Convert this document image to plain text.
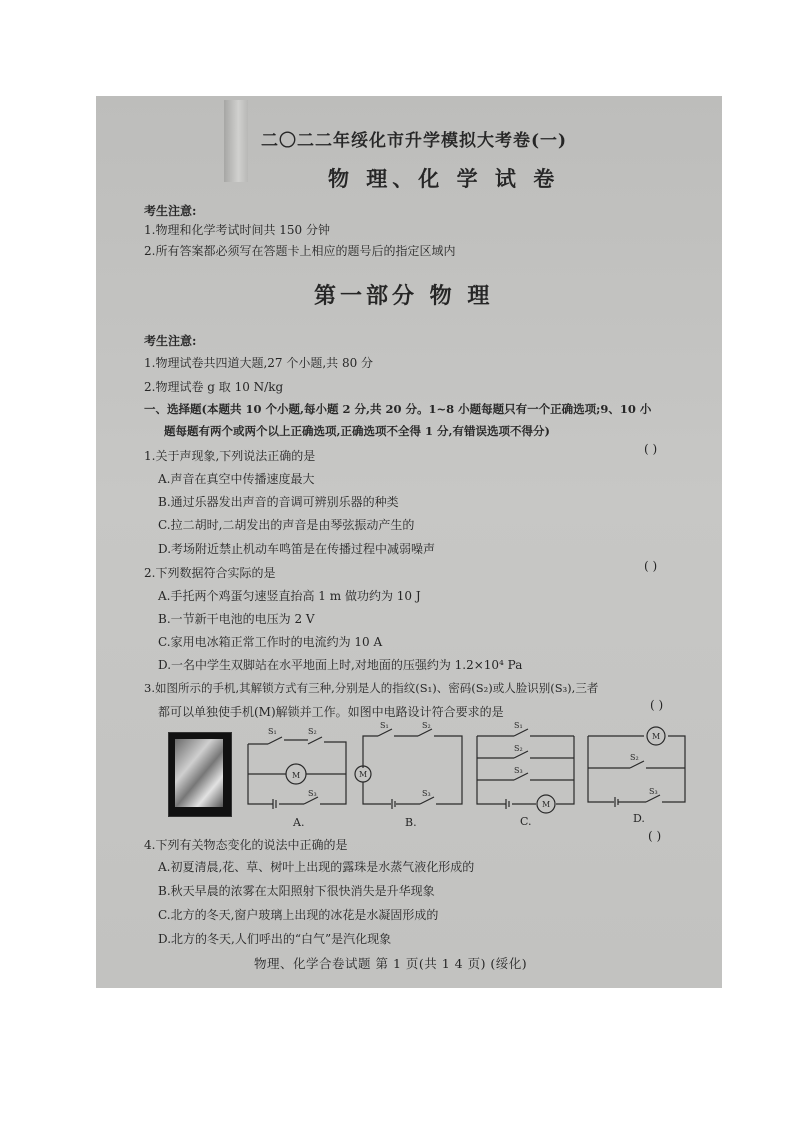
二〇二二年绥化市升学模拟大考卷(一)
物 理、化 学 试 卷
考生注意:
1.物理和化学考试时间共 150 分钟
2.所有答案都必须写在答题卡上相应的题号后的指定区域内
第一部分 物 理
考生注意:
1.物理试卷共四道大题,27 个小题,共 80 分
2.物理试卷 g 取 10 N/kg
一、选择题(本题共 10 个小题,每小题 2 分,共 20 分。1~8 小题每题只有一个正确选项;9、10 小
题每题有两个或两个以上正确选项,正确选项不全得 1 分,有错误选项不得分)
1.关于声现象,下列说法正确的是	( )
A.声音在真空中传播速度最大
B.通过乐器发出声音的音调可辨别乐器的种类
C.拉二胡时,二胡发出的声音是由琴弦振动产生的
D.考场附近禁止机动车鸣笛是在传播过程中减弱噪声
2.下列数据符合实际的是	( )
A.手托两个鸡蛋匀速竖直抬高 1 m 做功约为 10 J
B.一节新干电池的电压为 2 V
C.家用电冰箱正常工作时的电流约为 10 A
D.一名中学生双脚站在水平地面上时,对地面的压强约为 1.2×10⁴ Pa
3.如图所示的手机,其解锁方式有三种,分别是人的指纹(S₁)、密码(S₂)或人脸识别(S₃),三者
都可以单独使手机(M)解锁并工作。如图中电路设计符合要求的是	( )
M	M
M
M
S₁	S₂
S₃
S₁	S₂
S₃
S₁
S₂
S₃
S₂
S₃
A.	B.	C.	D.
4.下列有关物态变化的说法中正确的是
( )
A.初夏清晨,花、草、树叶上出现的露珠是水蒸气液化形成的
B.秋天早晨的浓雾在太阳照射下很快消失是升华现象
C.北方的冬天,窗户玻璃上出现的冰花是水凝固形成的
D.北方的冬天,人们呼出的“白气”是汽化现象
物理、化学合卷试题 第 1 页(共 1 4 页) (绥化)
